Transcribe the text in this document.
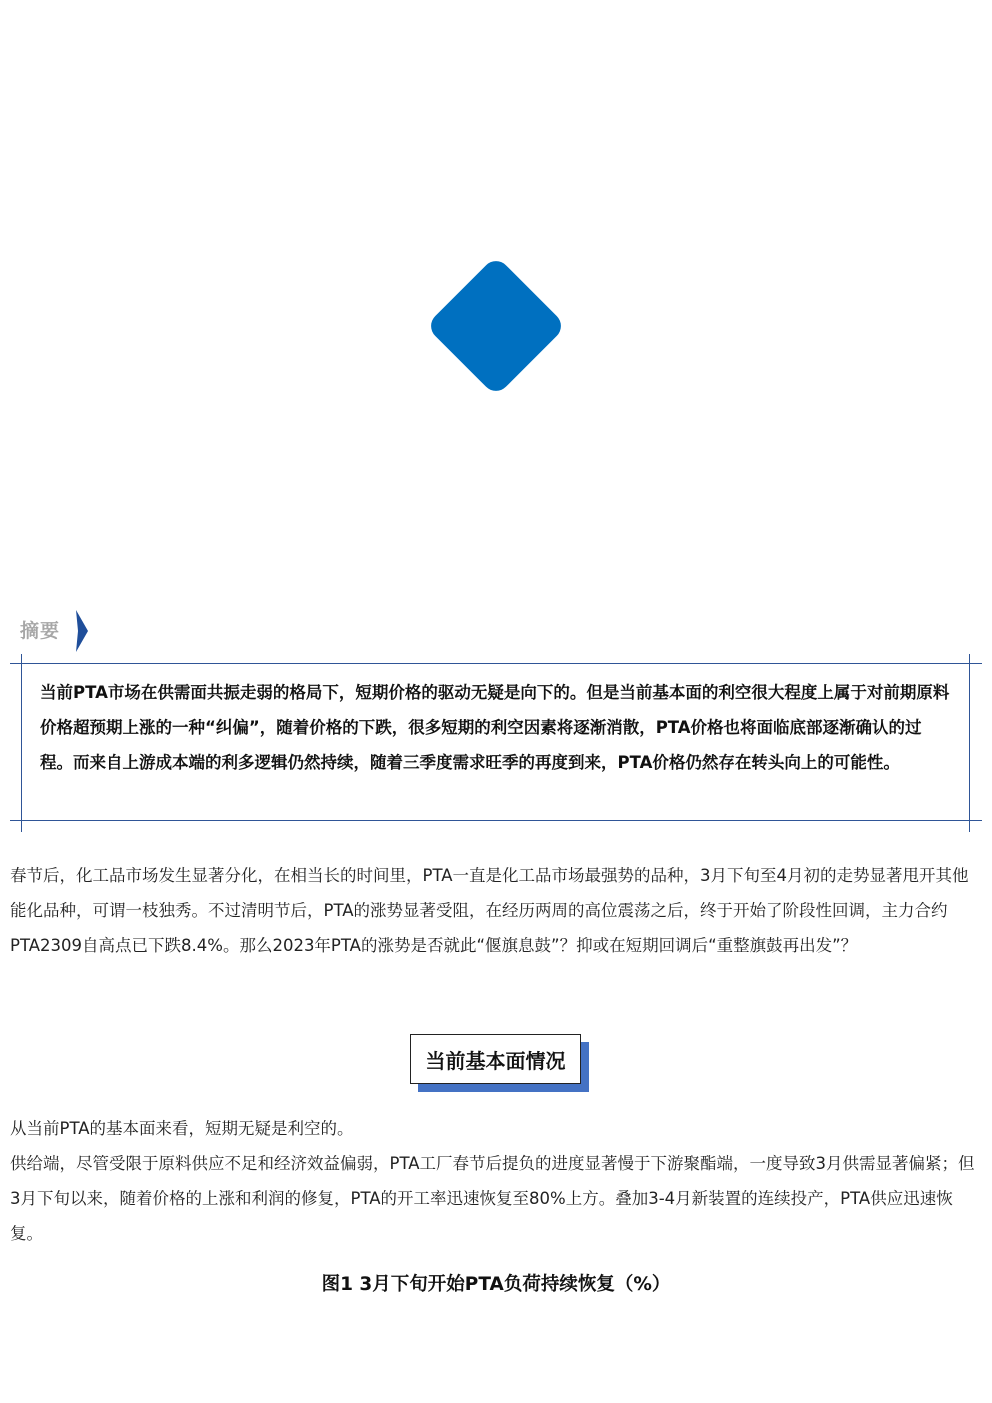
摘要
当前PTA市场在供需面共振走弱的格局下，短期价格的驱动无疑是向下的。但是当前基本面的利空很大程度上属于对前期原料价格超预期上涨的一种“纠偏”，随着价格的下跌，很多短期的利空因素将逐渐消散，PTA价格也将面临底部逐渐确认的过程。而来自上游成本端的利多逻辑仍然持续，随着三季度需求旺季的再度到来，PTA价格仍然存在转头向上的可能性。
春节后，化工品市场发生显著分化，在相当长的时间里，PTA一直是化工品市场最强势的品种，3月下旬至4月初的走势显著甩开其他能化品种，可谓一枝独秀。不过清明节后，PTA的涨势显著受阻，在经历两周的高位震荡之后，终于开始了阶段性回调，主力合约PTA2309自高点已下跌8.4%。那么2023年PTA的涨势是否就此“偃旗息鼓”？抑或在短期回调后“重整旗鼓再出发”？
当前基本面情况
从当前PTA的基本面来看，短期无疑是利空的。
供给端，尽管受限于原料供应不足和经济效益偏弱，PTA工厂春节后提负的进度显著慢于下游聚酯端，一度导致3月供需显著偏紧；但3月下旬以来，随着价格的上涨和利润的修复，PTA的开工率迅速恢复至80%上方。叠加3-4月新装置的连续投产，PTA供应迅速恢复。
图1 3月下旬开始PTA负荷持续恢复（%）
